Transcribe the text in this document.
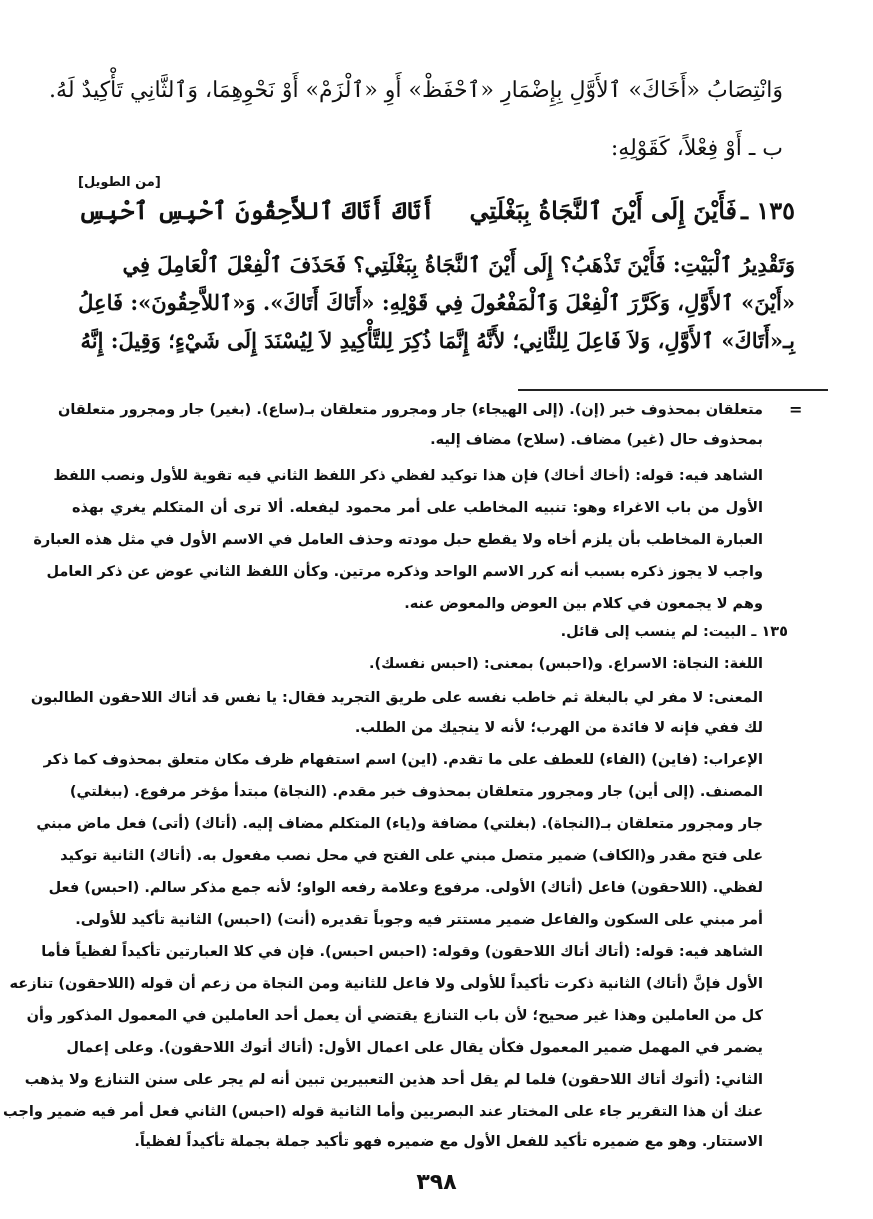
وَانْتِصَابُ «أَخَاكَ» ٱلأَوَّلِ بِإِضْمَارِ «ٱحْفَظْ» أَوِ «ٱلْزَمْ» أَوْ نَحْوِهِمَا، وَٱلثَّانِي تَأْكِيدٌ لَهُ.
ب ـ أَوْ فِعْلاً، كَقَوْلِهِ:
[من الطويل]
١٣٥ ـ
فَأَيْنَ إِلَى أَيْنَ ٱلنَّجَاةُ بِبَغْلَتِي
أَتَاكَ أَتَاكَ ٱللاَّحِقُونَ ٱحْبِسِ ٱحْبِسِ
وَتَقْدِيرُ ٱلْبَيْتِ: فَأَيْنَ تَذْهَبُ؟ إِلَى أَيْنَ ٱلنَّجَاةُ بِبَغْلَتِي؟ فَحَذَفَ ٱلْفِعْلَ ٱلْعَامِلَ فِي
«أَيْنَ» ٱلأَوَّلِ، وَكَرَّرَ ٱلْفِعْلَ وَٱلْمَفْعُولَ فِي قَوْلِهِ: «أَتَاكَ أَتَاكَ». وَ«ٱللاَّحِقُونَ»: فَاعِلُ
بِـ«أَتَاكَ» ٱلأَوَّلِ، وَلاَ فَاعِلَ لِلثَّانِي؛ لأَنَّهُ إِنَّمَا ذُكِرَ لِلتَّأْكِيدِ لاَ لِيُسْنَدَ إِلَى شَيْءٍ؛ وَقِيلَ: إِنَّهُ
=
متعلقان بمحذوف خبر (إن). (إلى الهيجاء) جار ومجرور متعلقان بـ(ساع). (بغير) جار ومجرور متعلقان
بمحذوف حال (غير) مضاف. (سلاح) مضاف إليه.
الشاهد فيه: قوله: (أخاك أخاك) فإن هذا توكيد لفظي ذكر اللفظ الثاني فيه تقوية للأول ونصب اللفظ
الأول من باب الاغراء وهو: تنبيه المخاطب على أمر محمود ليفعله. ألا ترى أن المتكلم يغري بهذه
العبارة المخاطب بأن يلزم أخاه ولا يقطع حبل مودته وحذف العامل في الاسم الأول في مثل هذه العبارة
واجب لا يجوز ذكره بسبب أنه كرر الاسم الواحد وذكره مرتين. وكأن اللفظ الثاني عوض عن ذكر العامل
وهم لا يجمعون في كلام بين العوض والمعوض عنه.
١٣٥ ـ البيت: لم ينسب إلى قائل.
اللغة: النجاة: الاسراع. و(احبس) بمعنى: (احبس نفسك).
المعنى: لا مفر لي بالبغلة ثم خاطب نفسه على طريق التجريد فقال: يا نفس قد أتاك اللاحقون الطالبون
لك ففي فإنه لا فائدة من الهرب؛ لأنه لا ينجيك من الطلب.
الإعراب: (فاين) (الفاء) للعطف على ما تقدم. (اين) اسم استفهام ظرف مكان متعلق بمحذوف كما ذكر
المصنف. (إلى أين) جار ومجرور متعلقان بمحذوف خبر مقدم. (النجاة) مبتدأ مؤخر مرفوع. (ببغلتي)
جار ومجرور متعلقان بـ(النجاة). (بغلتي) مضافة و(ياء) المتكلم مضاف إليه. (أتاك) (أتى) فعل ماض مبني
على فتح مقدر و(الكاف) ضمير متصل مبني على الفتح في محل نصب مفعول به. (أتاك) الثانية توكيد
لفظي. (اللاحقون) فاعل (أتاك) الأولى. مرفوع وعلامة رفعه الواو؛ لأنه جمع مذكر سالم. (احبس) فعل
أمر مبني على السكون والفاعل ضمير مستتر فيه وجوباً تقديره (أنت) (احبس) الثانية تأكيد للأولى.
الشاهد فيه: قوله: (أتاك أتاك اللاحقون) وقوله: (احبس احبس). فإن في كلا العبارتين تأكيداً لفظياً فأما
الأول فإنَّ (أتاك) الثانية ذكرت تأكيداً للأولى ولا فاعل للثانية ومن النجاة من زعم أن قوله (اللاحقون) تنازعه
كل من العاملين وهذا غير صحيح؛ لأن باب التنازع يقتضي أن يعمل أحد العاملين في المعمول المذكور وأن
يضمر في المهمل ضمير المعمول فكأن يقال على اعمال الأول: (أتاك أتوك اللاحقون). وعلى إعمال
الثاني: (أتوك أتاك اللاحقون) فلما لم يقل أحد هذين التعبيرين تبين أنه لم يجر على سنن التنازع ولا يذهب
عنك أن هذا التقرير جاء على المختار عند البصريين وأما الثانية قوله (احبس) الثاني فعل أمر فيه ضمير واجب
الاستتار. وهو مع ضميره تأكيد للفعل الأول مع ضميره فهو تأكيد جملة بجملة تأكيداً لفظياً.
٣٩٨
